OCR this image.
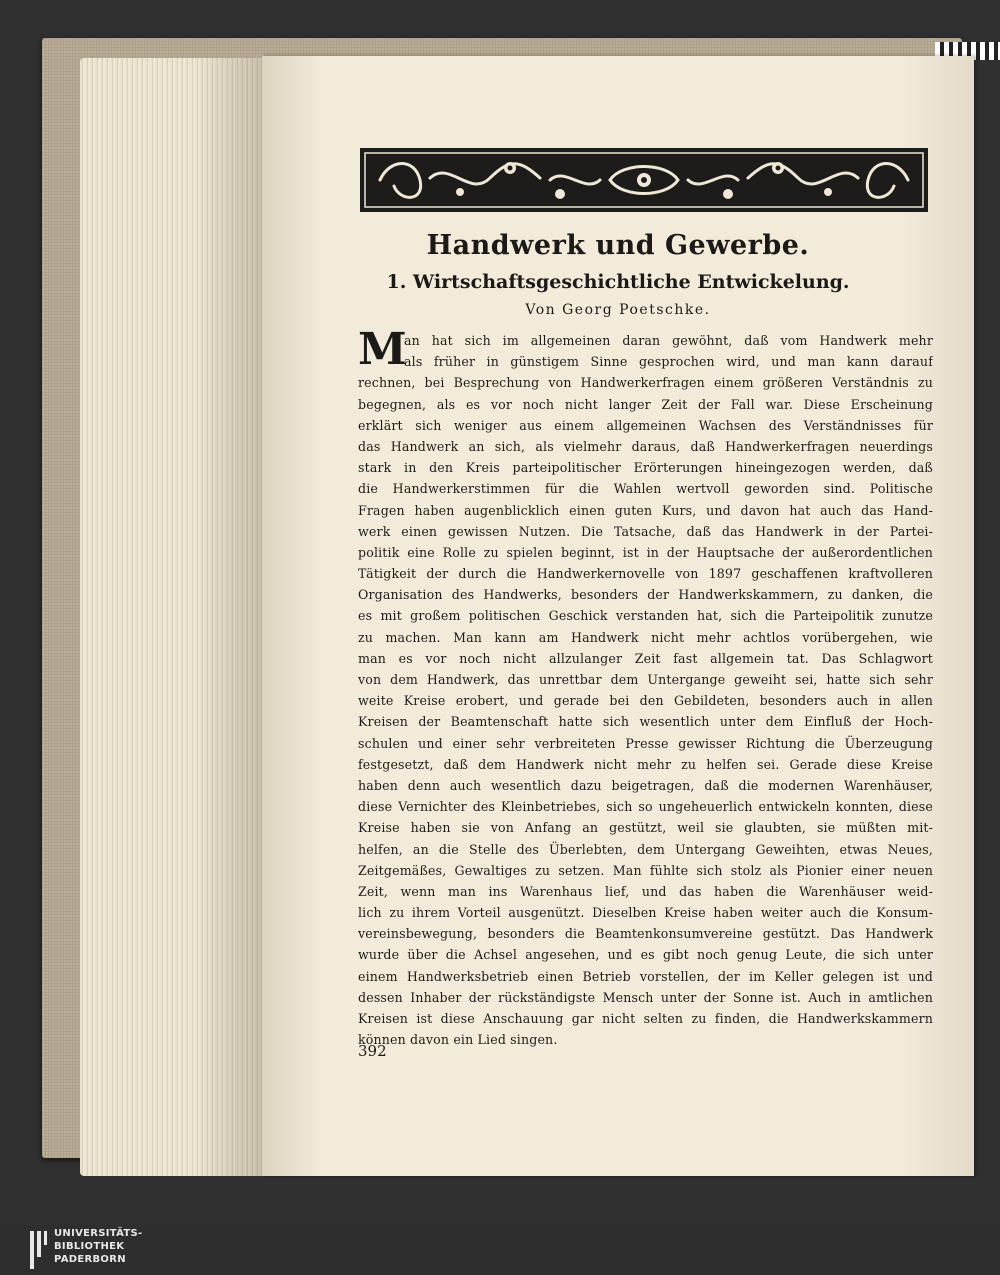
Handwerk und Gewerbe.
1. Wirtschaftsgeschichtliche Entwickelung.

Von Georg Poetschke.

M
an hat sich im allgemeinen daran gewöhnt, daß vom Handwerk mehr
als früher in günstigem Sinne gesprochen wird, und man kann darauf
rechnen, bei Besprechung von Handwerkerfragen einem größeren Verständnis zu
begegnen, als es vor noch nicht langer Zeit der Fall war. Diese Erscheinung
erklärt sich weniger aus einem allgemeinen Wachsen des Verständnisses für
das Handwerk an sich, als vielmehr daraus, daß Handwerkerfragen neuerdings
stark in den Kreis parteipolitischer Erörterungen hineingezogen werden, daß
die Handwerkerstimmen für die Wahlen wertvoll geworden sind. Politische
Fragen haben augenblicklich einen guten Kurs, und davon hat auch das Hand-
werk einen gewissen Nutzen. Die Tatsache, daß das Handwerk in der Partei-
politik eine Rolle zu spielen beginnt, ist in der Hauptsache der außerordentlichen
Tätigkeit der durch die Handwerkernovelle von 1897 geschaffenen kraftvolleren
Organisation des Handwerks, besonders der Handwerkskammern, zu danken, die
es mit großem politischen Geschick verstanden hat, sich die Parteipolitik zunutze
zu machen. Man kann am Handwerk nicht mehr achtlos vorübergehen, wie
man es vor noch nicht allzulanger Zeit fast allgemein tat. Das Schlagwort
von dem Handwerk, das unrettbar dem Untergange geweiht sei, hatte sich sehr
weite Kreise erobert, und gerade bei den Gebildeten, besonders auch in allen
Kreisen der Beamtenschaft hatte sich wesentlich unter dem Einfluß der Hoch-
schulen und einer sehr verbreiteten Presse gewisser Richtung die Überzeugung
festgesetzt, daß dem Handwerk nicht mehr zu helfen sei. Gerade diese Kreise
haben denn auch wesentlich dazu beigetragen, daß die modernen Warenhäuser,
diese Vernichter des Kleinbetriebes, sich so ungeheuerlich entwickeln konnten, diese
Kreise haben sie von Anfang an gestützt, weil sie glaubten, sie müßten mit-
helfen, an die Stelle des Überlebten, dem Untergang Geweihten, etwas Neues,
Zeitgemäßes, Gewaltiges zu setzen. Man fühlte sich stolz als Pionier einer neuen
Zeit, wenn man ins Warenhaus lief, und das haben die Warenhäuser weid-
lich zu ihrem Vorteil ausgenützt. Dieselben Kreise haben weiter auch die Konsum-
vereinsbewegung, besonders die Beamtenkonsumvereine gestützt. Das Handwerk
wurde über die Achsel angesehen, und es gibt noch genug Leute, die sich unter
einem Handwerksbetrieb einen Betrieb vorstellen, der im Keller gelegen ist und
dessen Inhaber der rückständigste Mensch unter der Sonne ist. Auch in amtlichen
Kreisen ist diese Anschauung gar nicht selten zu finden, die Handwerkskammern
können davon ein Lied singen.

392

UNIVERSITÄTS-

BIBLIOTHEK

PADERBORN
